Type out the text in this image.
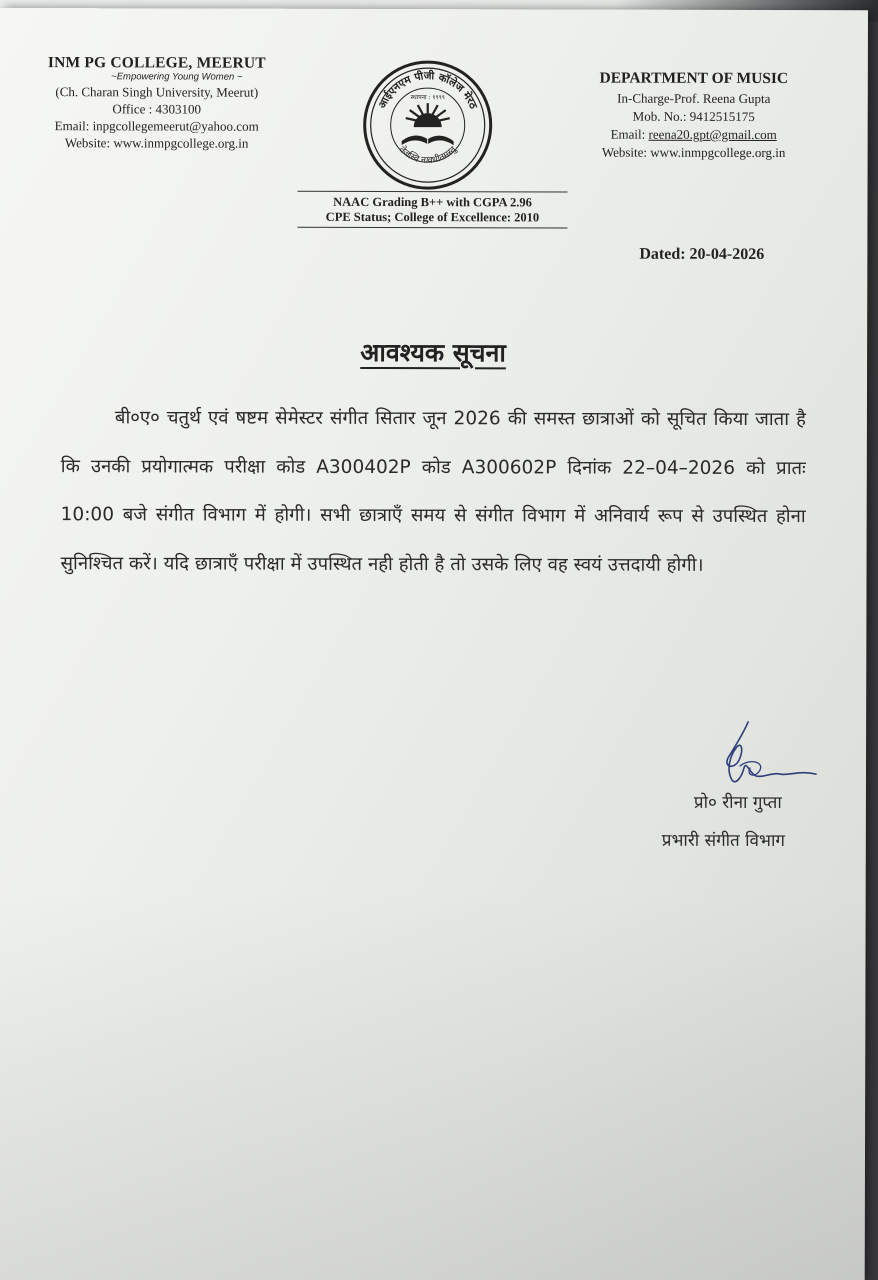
INM PG COLLEGE, MEERUT
~Empowering Young Women ~
(Ch. Charan Singh University, Meerut)
Office : 4303100
Email: inpgcollegemeerut@yahoo.com
Website: www.inmpgcollege.org.in
आईएनएम पीजी कॉलेज मेरठ
तेजस्वि नावधीतमस्तु
स्थापना : १९९९
DEPARTMENT OF MUSIC
In-Charge-Prof. Reena Gupta
Mob. No.: 9412515175
Email: reena20.gpt@gmail.com
Website: www.inmpgcollege.org.in
NAAC Grading B++ with CGPA 2.96
CPE Status; College of Excellence: 2010
Dated: 20-04-2026
आवश्यक सूचना
बी०ए० चतुर्थ एवं षष्टम सेमेस्टर संगीत सितार जून 2026 की समस्त छात्राओं को सूचित किया जाता है कि उनकी प्रयोगात्मक परीक्षा कोड A300402P कोड A300602P दिनांक 22–04–2026 को प्रातः 10:00 बजे संगीत विभाग में होगी। सभी छात्राएँ समय से संगीत विभाग में अनिवार्य रूप से उपस्थित होना सुनिश्चित करें। यदि छात्राएँ परीक्षा में उपस्थित नही होती है तो उसके लिए वह स्वयं उत्तदायी होगी।
प्रो० रीना गुप्ता
प्रभारी संगीत विभाग
